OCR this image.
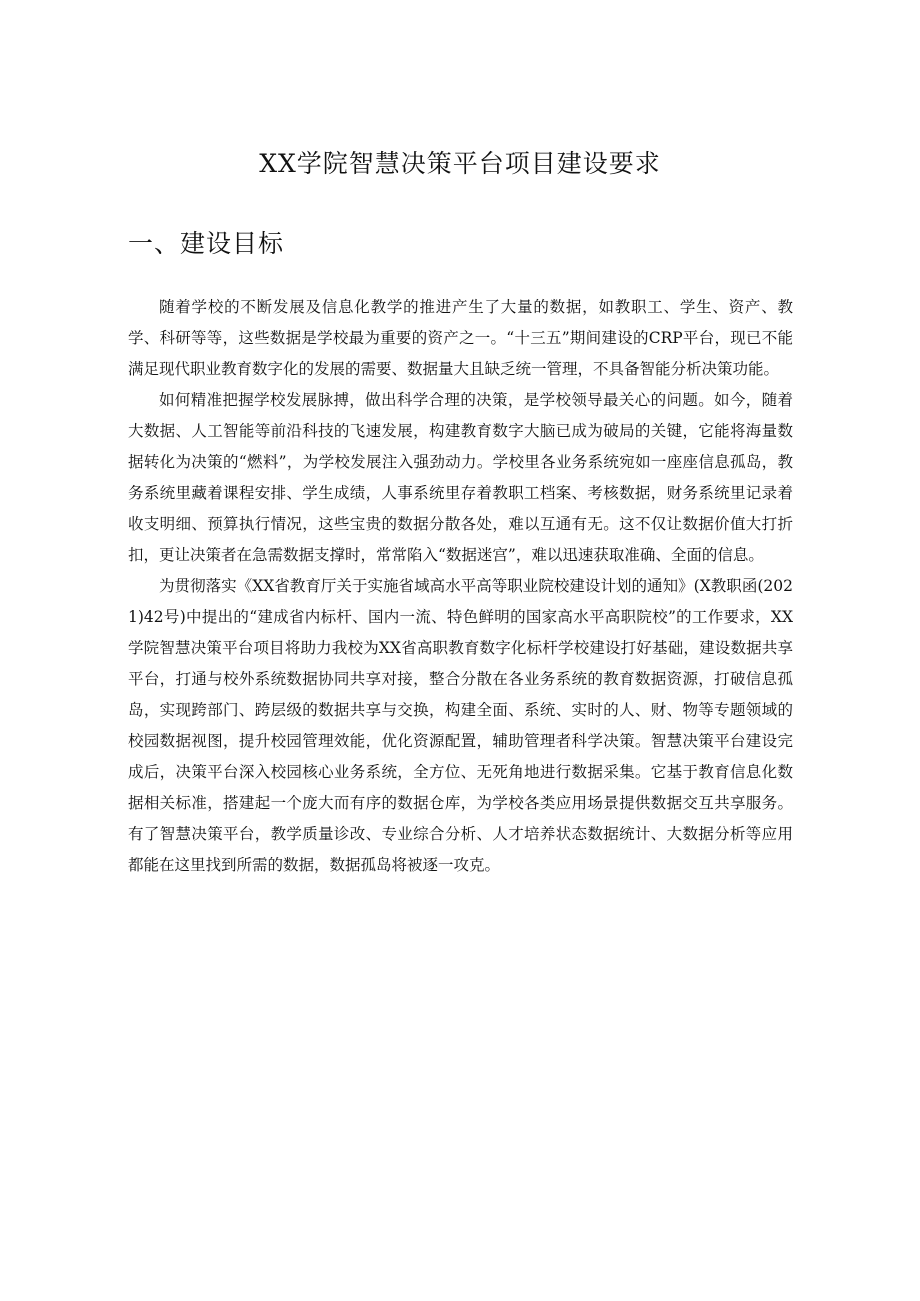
XX学院智慧决策平台项目建设要求
一、建设目标

随着学校的不断发展及信息化教学的推进产生了大量的数据，如教职工、学生、资产、教学、科研等等，这些数据是学校最为重要的资产之一。“十三五”期间建设的CRP平台，现已不能满足现代职业教育数字化的发展的需要、数据量大且缺乏统一管理，不具备智能分析决策功能。

如何精准把握学校发展脉搏，做出科学合理的决策，是学校领导最关心的问题。如今，随着大数据、人工智能等前沿科技的飞速发展，构建教育数字大脑已成为破局的关键，它能将海量数据转化为决策的“燃料”，为学校发展注入强劲动力。学校里各业务系统宛如一座座信息孤岛，教务系统里藏着课程安排、学生成绩，人事系统里存着教职工档案、考核数据，财务系统里记录着收支明细、预算执行情况，这些宝贵的数据分散各处，难以互通有无。这不仅让数据价值大打折扣，更让决策者在急需数据支撑时，常常陷入“数据迷宫”，难以迅速获取准确、全面的信息。

为贯彻落实《XX省教育厅关于实施省域高水平高等职业院校建设计划的通知》(X教职函(2021)42号)中提出的“建成省内标杆、国内一流、特色鲜明的国家高水平高职院校”的工作要求，XX学院智慧决策平台项目将助力我校为XX省高职教育数字化标杆学校建设打好基础，建设数据共享平台，打通与校外系统数据协同共享对接，整合分散在各业务系统的教育数据资源，打破信息孤岛，实现跨部门、跨层级的数据共享与交换，构建全面、系统、实时的人、财、物等专题领域的校园数据视图，提升校园管理效能，优化资源配置，辅助管理者科学决策。智慧决策平台建设完成后，决策平台深入校园核心业务系统，全方位、无死角地进行数据采集。它基于教育信息化数据相关标准，搭建起一个庞大而有序的数据仓库，为学校各类应用场景提供数据交互共享服务。有了智慧决策平台，教学质量诊改、专业综合分析、人才培养状态数据统计、大数据分析等应用都能在这里找到所需的数据，数据孤岛将被逐一攻克。
